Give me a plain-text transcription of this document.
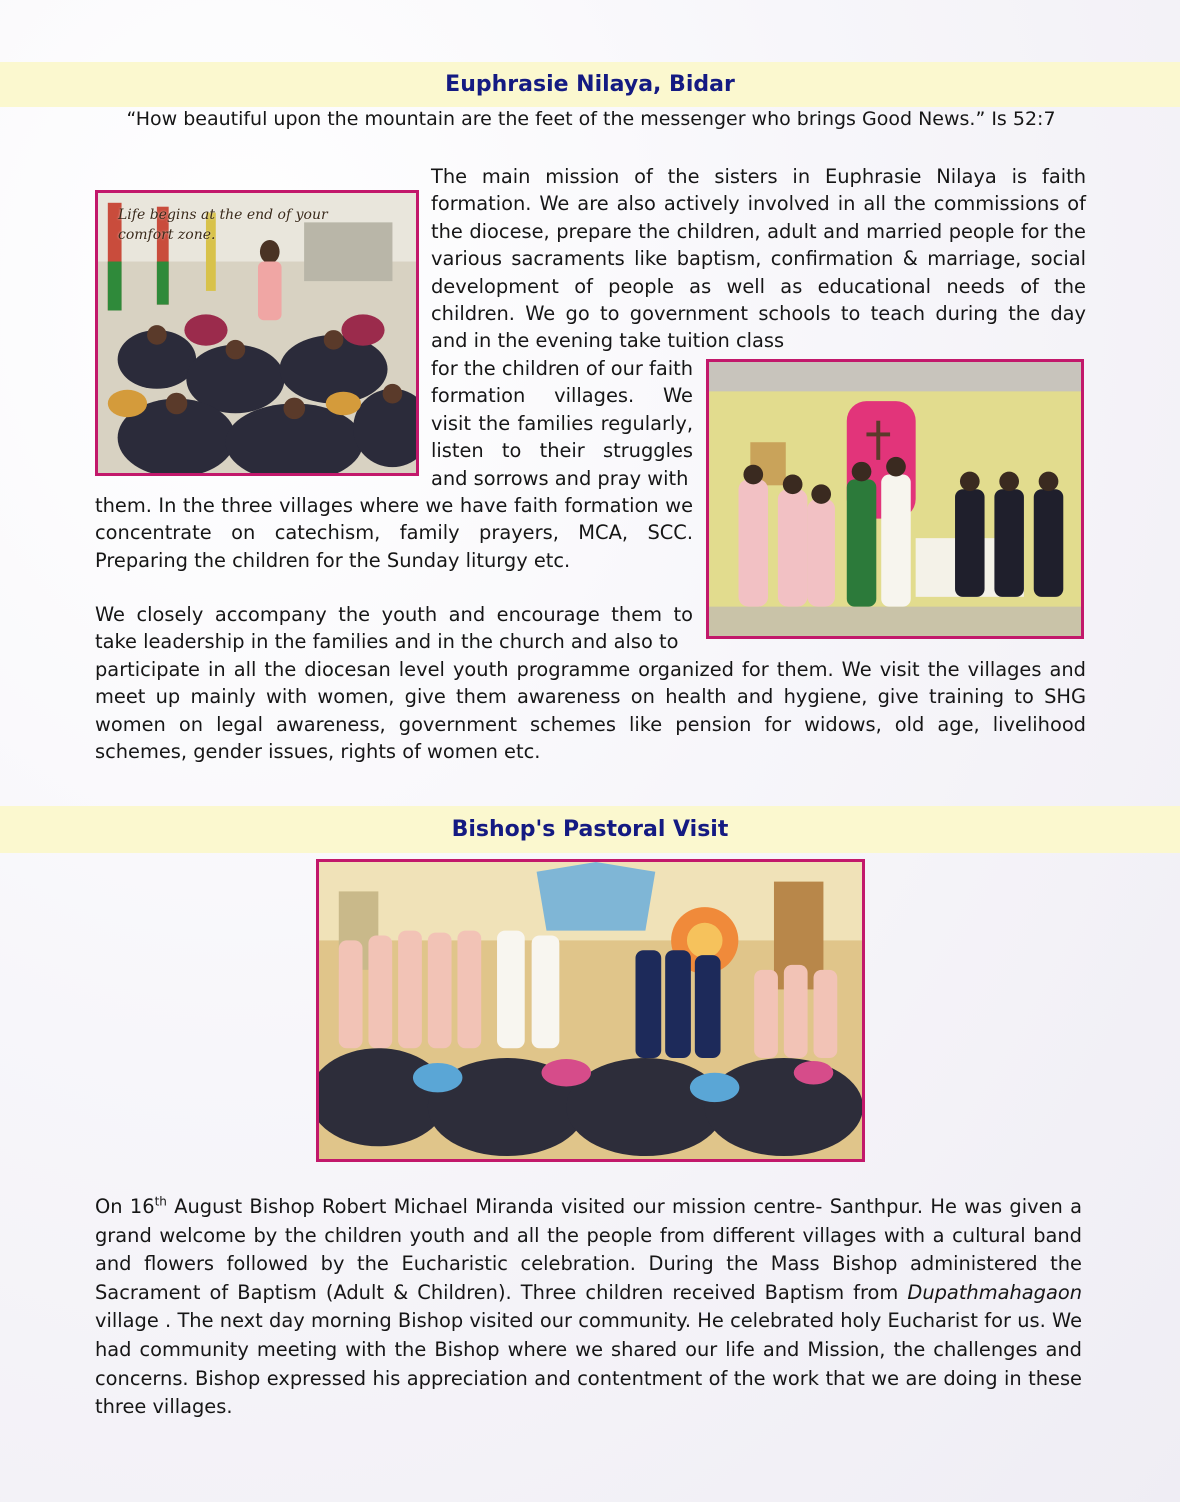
Euphrasie Nilaya, Bidar
“How beautiful upon the mountain are the feet of the messenger who brings Good News.” Is 52:7
Life begins at the end of your comfort zone.

The main mission of the sisters in Euphrasie Nilaya is faith formation. We are also actively involved in all the commissions of the diocese, prepare the children, adult and married people for the various sacraments like baptism, confirmation & marriage, social development of people as well as educational needs of the children. We go to government schools to teach during the day and in the evening take tuition class

for the children of our faith formation villages. We visit the families regularly, listen to their struggles and sorrows and pray with

them. In the three villages where we have faith formation we concentrate on catechism, family prayers, MCA, SCC. Preparing the children for the Sunday liturgy etc.

We closely accompany the youth and encourage them to take leadership in the families and in the church and also to

participate in all the diocesan level youth programme organized for them. We visit the villages and meet up mainly with women, give them awareness on health and hygiene, give training to SHG women on legal awareness, government schemes like pension for widows, old age, livelihood schemes, gender issues, rights of women etc.

Bishop's Pastoral Visit

On 16th August Bishop Robert Michael Miranda visited our mission centre- Santhpur. He was given a grand welcome by the children youth and all the people from different villages with a cultural band and flowers followed by the Eucharistic celebration. During the Mass Bishop administered the Sacrament of Baptism (Adult & Children). Three children received Baptism from Dupathmahagaon village . The next day morning Bishop visited our community. He celebrated holy Eucharist for us. We had community meeting with the Bishop where we shared our life and Mission, the challenges and concerns. Bishop expressed his appreciation and contentment of the work that we are doing in these three villages.
